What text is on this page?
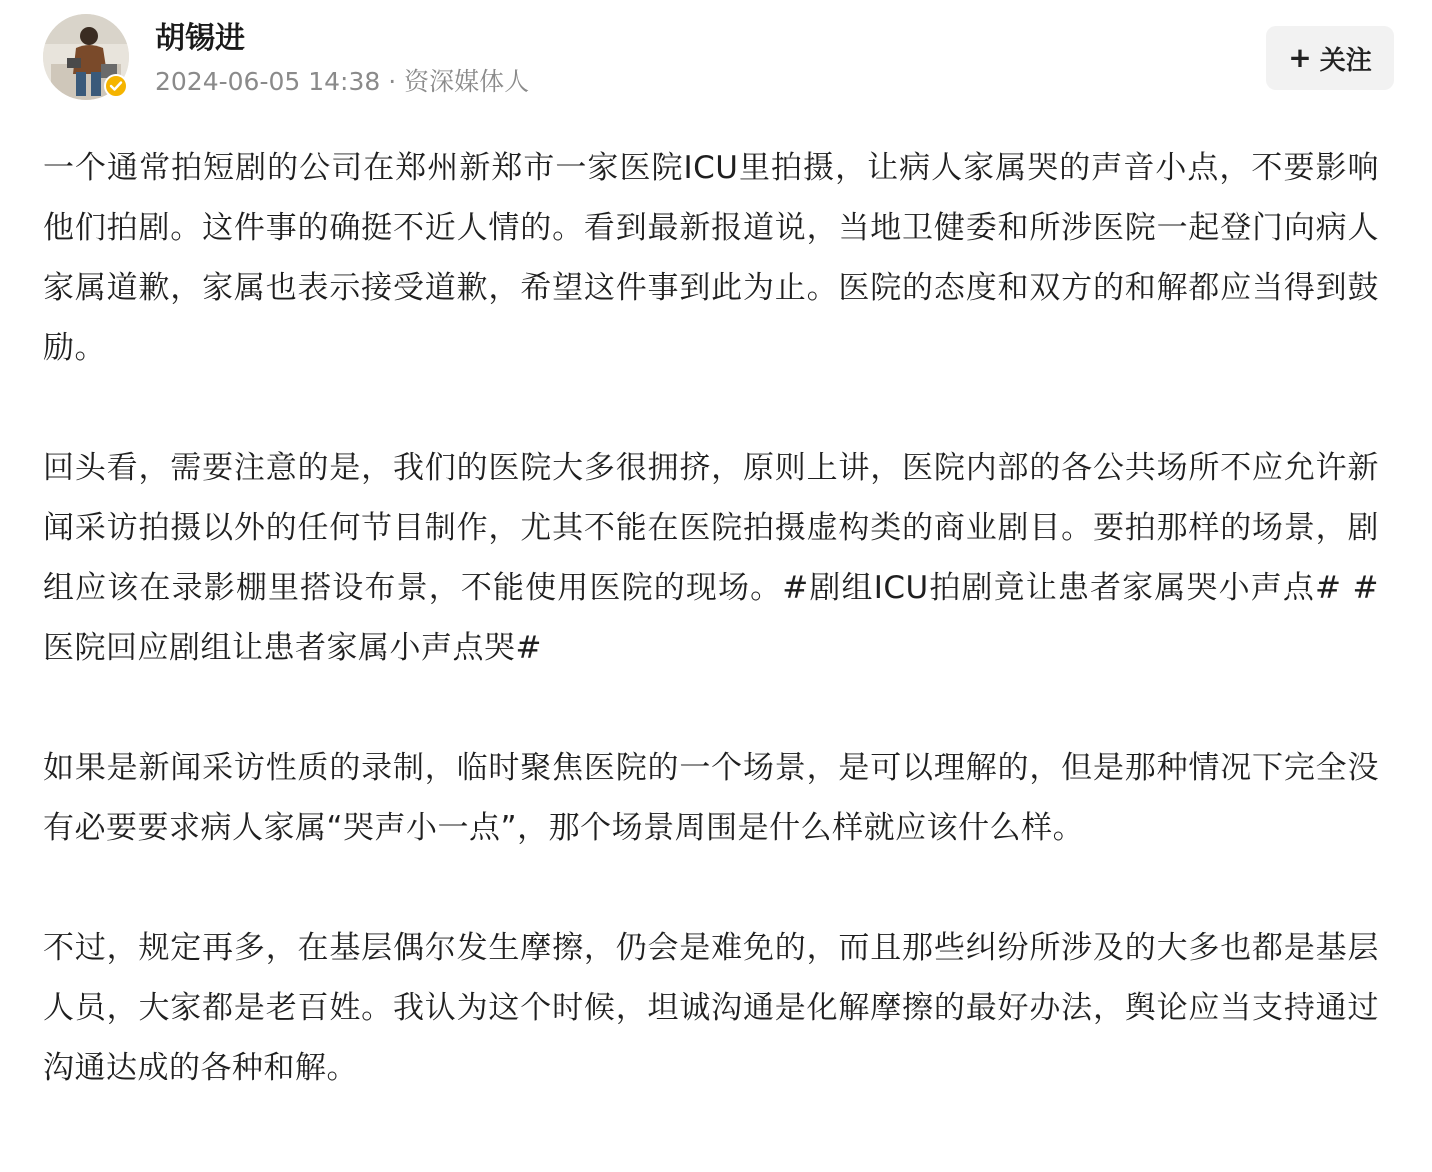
胡锡进
2024-06-05 14:38 · 资深媒体人
+ 关注

一个通常拍短剧的公司在郑州新郑市一家医院ICU里拍摄，让病人家属哭的声音小点，不要影响他们拍剧。这件事的确挺不近人情的。看到最新报道说，当地卫健委和所涉医院一起登门向病人家属道歉，家属也表示接受道歉，希望这件事到此为止。医院的态度和双方的和解都应当得到鼓励。

回头看，需要注意的是，我们的医院大多很拥挤，原则上讲，医院内部的各公共场所不应允许新闻采访拍摄以外的任何节目制作，尤其不能在医院拍摄虚构类的商业剧目。要拍那样的场景，剧组应该在录影棚里搭设布景，不能使用医院的现场。#剧组ICU拍剧竟让患者家属哭小声点# #医院回应剧组让患者家属小声点哭#

如果是新闻采访性质的录制，临时聚焦医院的一个场景，是可以理解的，但是那种情况下完全没有必要要求病人家属“哭声小一点”，那个场景周围是什么样就应该什么样。

不过，规定再多，在基层偶尔发生摩擦，仍会是难免的，而且那些纠纷所涉及的大多也都是基层人员，大家都是老百姓。我认为这个时候，坦诚沟通是化解摩擦的最好办法，舆论应当支持通过沟通达成的各种和解。
